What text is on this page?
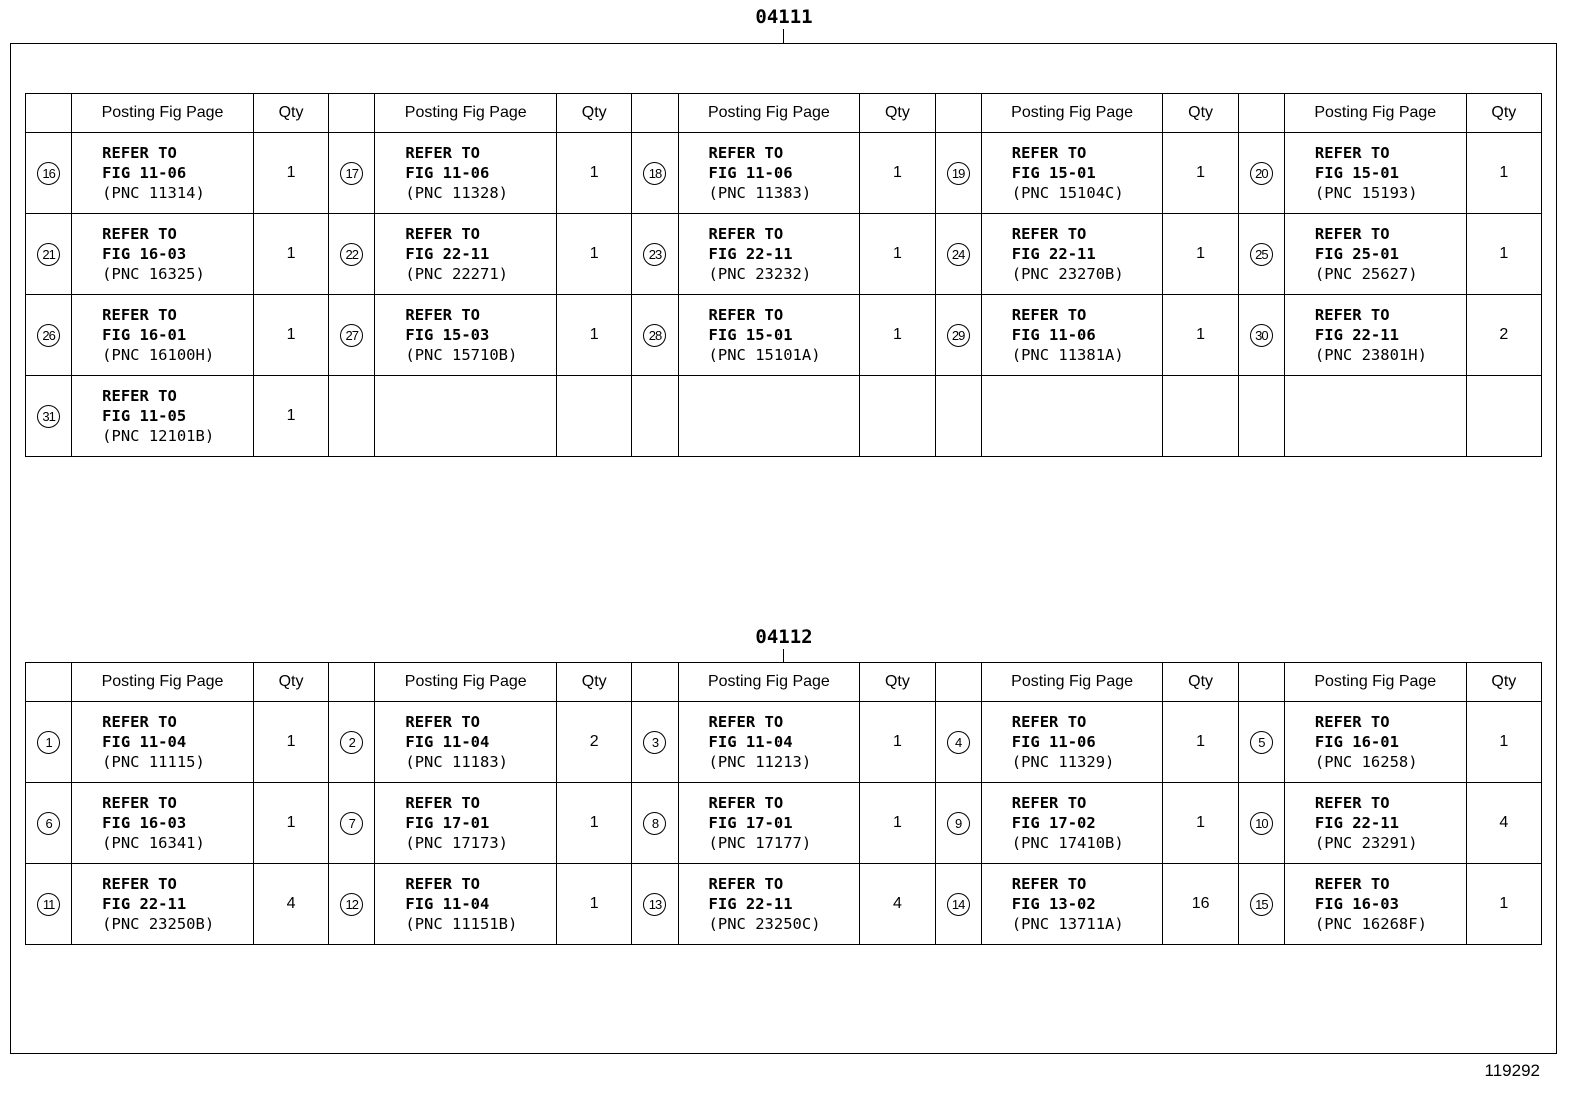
04111
04112
	Posting Fig Page	Qty		Posting Fig Page	Qty		Posting Fig Page	Qty		Posting Fig Page	Qty		Posting Fig Page	Qty
16	REFER TO
FIG 11-06
(PNC 11314)	1	17	REFER TO
FIG 11-06
(PNC 11328)	1	18	REFER TO
FIG 11-06
(PNC 11383)	1	19	REFER TO
FIG 15-01
(PNC 15104C)	1	20	REFER TO
FIG 15-01
(PNC 15193)	1
21	REFER TO
FIG 16-03
(PNC 16325)	1	22	REFER TO
FIG 22-11
(PNC 22271)	1	23	REFER TO
FIG 22-11
(PNC 23232)	1	24	REFER TO
FIG 22-11
(PNC 23270B)	1	25	REFER TO
FIG 25-01
(PNC 25627)	1
26	REFER TO
FIG 16-01
(PNC 16100H)	1	27	REFER TO
FIG 15-03
(PNC 15710B)	1	28	REFER TO
FIG 15-01
(PNC 15101A)	1	29	REFER TO
FIG 11-06
(PNC 11381A)	1	30	REFER TO
FIG 22-11
(PNC 23801H)	2
31	REFER TO
FIG 11-05
(PNC 12101B)	1												
	Posting Fig Page	Qty		Posting Fig Page	Qty		Posting Fig Page	Qty		Posting Fig Page	Qty		Posting Fig Page	Qty
1	REFER TO
FIG 11-04
(PNC 11115)	1	2	REFER TO
FIG 11-04
(PNC 11183)	2	3	REFER TO
FIG 11-04
(PNC 11213)	1	4	REFER TO
FIG 11-06
(PNC 11329)	1	5	REFER TO
FIG 16-01
(PNC 16258)	1
6	REFER TO
FIG 16-03
(PNC 16341)	1	7	REFER TO
FIG 17-01
(PNC 17173)	1	8	REFER TO
FIG 17-01
(PNC 17177)	1	9	REFER TO
FIG 17-02
(PNC 17410B)	1	10	REFER TO
FIG 22-11
(PNC 23291)	4
11	REFER TO
FIG 22-11
(PNC 23250B)	4	12	REFER TO
FIG 11-04
(PNC 11151B)	1	13	REFER TO
FIG 22-11
(PNC 23250C)	4	14	REFER TO
FIG 13-02
(PNC 13711A)	16	15	REFER TO
FIG 16-03
(PNC 16268F)	1
119292
